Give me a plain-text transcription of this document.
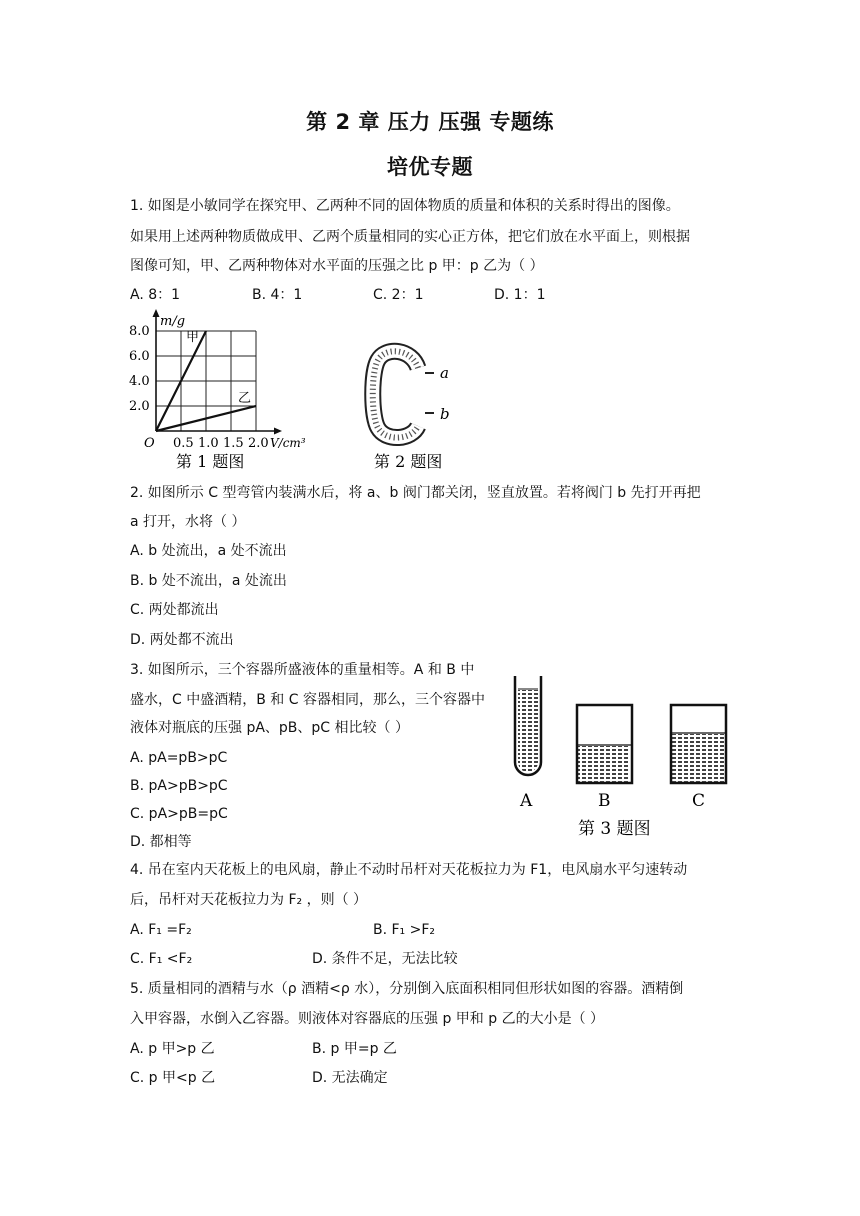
第 2 章 压力 压强 专题练
培优专题
1. 如图是小敏同学在探究甲、乙两种不同的固体物质的质量和体积的关系时得出的图像。
如果用上述两种物质做成甲、乙两个质量相同的实心正方体，把它们放在水平面上，则根据
图像可知，甲、乙两种物体对水平面的压强之比 p 甲：p 乙为（ ）
A. 8：1	B. 4：1	C. 2：1	D. 1：1
甲
乙
0.5 1.0 1.5 2.0
2.0
4.0
6.0
8.0
O	V/cm³
m/g
第 1 题图
a
b
第 2 题图
2. 如图所示 C 型弯管内装满水后，将 a、b 阀门都关闭，竖直放置。若将阀门 b 先打开再把
a 打开，水将（ ）
A. b 处流出，a 处不流出
B. b 处不流出，a 处流出
C. 两处都流出
D. 两处都不流出
3. 如图所示，三个容器所盛液体的重量相等。A 和 B 中
盛水，C 中盛酒精，B 和 C 容器相同，那么，三个容器中
液体对瓶底的压强 pA、pB、pC 相比较（ ）
A. pA=pB>pC
B. pA>pB>pC
C. pA>pB=pC
D. 都相等
A	B	C
第 3 题图
4. 吊在室内天花板上的电风扇，静止不动时吊杆对天花板拉力为 F1，电风扇水平匀速转动
后，吊杆对天花板拉力为 F₂ ，则（ ）
A. F₁ =F₂	B. F₁ >F₂
C. F₁ <F₂	D. 条件不足，无法比较
5. 质量相同的酒精与水（ρ 酒精<ρ 水），分别倒入底面积相同但形状如图的容器。酒精倒
入甲容器，水倒入乙容器。则液体对容器底的压强 p 甲和 p 乙的大小是（ ）
A. p 甲>p 乙	B. p 甲=p 乙
C. p 甲<p 乙	D. 无法确定
